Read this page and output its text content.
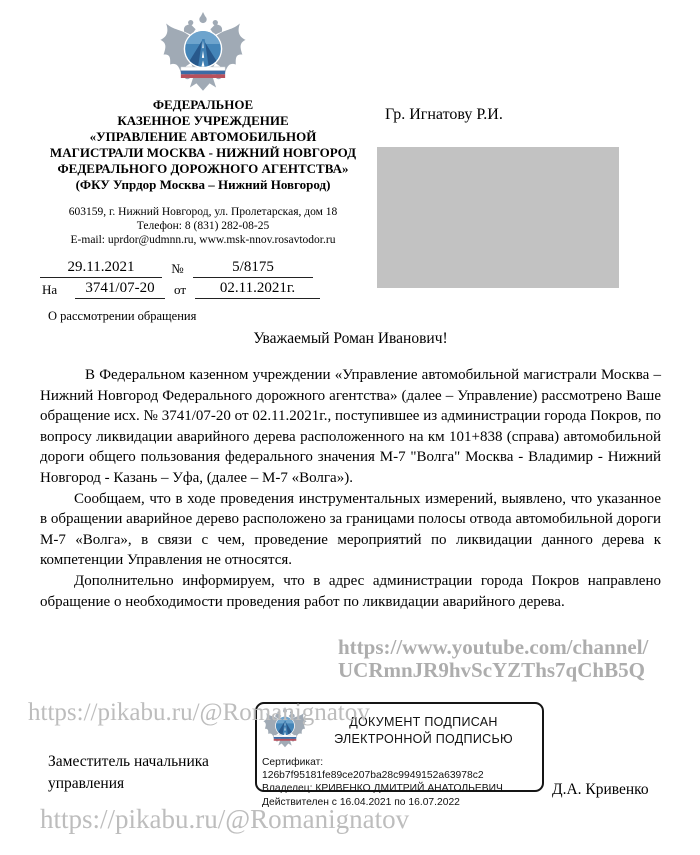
ФЕДЕРАЛЬНОЕ
КАЗЕННОЕ УЧРЕЖДЕНИЕ
«УПРАВЛЕНИЕ АВТОМОБИЛЬНОЙ
МАГИСТРАЛИ МОСКВА - НИЖНИЙ НОВГОРОД
ФЕДЕРАЛЬНОГО ДОРОЖНОГО АГЕНТСТВА»
(ФКУ Упрдор Москва – Нижний Новгород)
603159, г. Нижний Новгород, ул. Пролетарская, дом 18
Телефон: 8 (831) 282-08-25
E-mail: uprdor@udmnn.ru, www.msk-nnov.rosavtodor.ru
29.11.2021	№	5/8175
На	3741/07-20	от	02.11.2021г.
О рассмотрении обращения
Гр. Игнатову Р.И.
Уважаемый Роман Иванович!

В Федеральном казенном учреждении «Управление автомобильной магистрали Москва – Нижний Новгород Федерального дорожного агентства» (далее – Управление) рассмотрено Ваше обращение исх. № 3741/07-20 от 02.11.2021г., поступившее из администрации города Покров, по вопросу ликвидации аварийного дерева расположенного на км 101+838 (справа) автомобильной дороги общего пользования федерального значения М-7 "Волга" Москва - Владимир - Нижний Новгород - Казань – Уфа, (далее – М-7 «Волга»).

Сообщаем, что в ходе проведения инструментальных измерений, выявлено, что указанное в обращении аварийное дерево расположено за границами полосы отвода автомобильной дороги М-7 «Волга», в связи с чем, проведение мероприятий по ликвидации данного дерева к компетенции Управления не относятся.

Дополнительно информируем, что в адрес администрации города Покров направлено обращение о необходимости проведения работ по ликвидации аварийного дерева.

https://www.youtube.com/channel/
UCRmnJR9hvScYZThs7qChB5Q
https://pikabu.ru/@Romanignatov
https://pikabu.ru/@Romanignatov
ДОКУМЕНТ ПОДПИСАН
ЭЛЕКТРОННОЙ ПОДПИСЬЮ
Сертификат: 126b7f95181fe89ce207ba28c9949152a63978c2
Владелец: КРИВЕНКО ДМИТРИЙ АНАТОЛЬЕВИЧ
Действителен с 16.04.2021 по 16.07.2022
Заместитель начальника
управления	Д.А. Кривенко
